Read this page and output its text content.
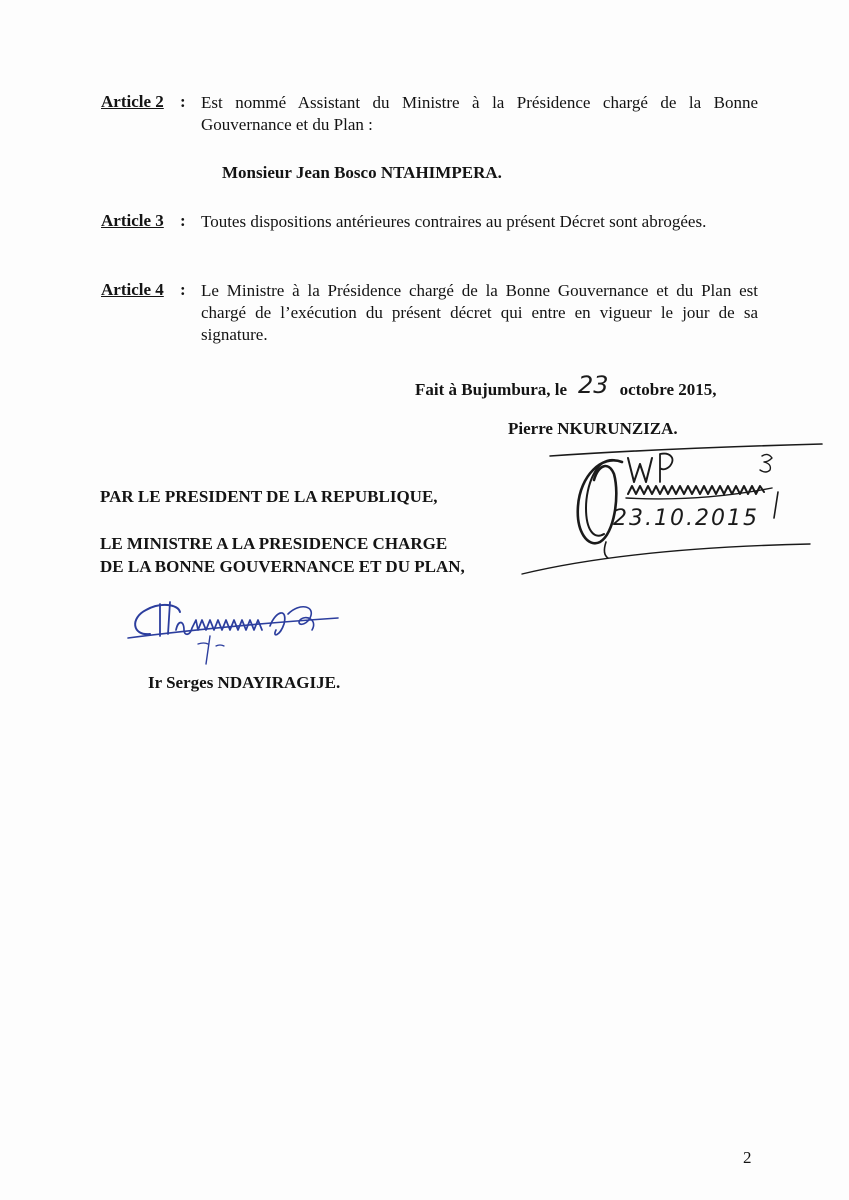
Article 2 : Est nommé Assistant du Ministre à la Présidence chargé de la Bonne Gouvernance et du Plan :
Monsieur Jean Bosco NTAHIMPERA.
Article 3 : Toutes dispositions antérieures contraires au présent Décret sont abrogées.
Article 4 : Le Ministre à la Présidence chargé de la Bonne Gouvernance et du Plan est chargé de l’exécution du présent décret qui entre en vigueur le jour de sa signature.
Fait à Bujumbura, le 23 octobre 2015,
Pierre NKURUNZIZA.
23.10.2015
PAR LE PRESIDENT DE LA REPUBLIQUE,
LE MINISTRE A LA PRESIDENCE CHARGE
DE LA BONNE GOUVERNANCE ET DU PLAN,
Ir Serges NDAYIRAGIJE.
2
